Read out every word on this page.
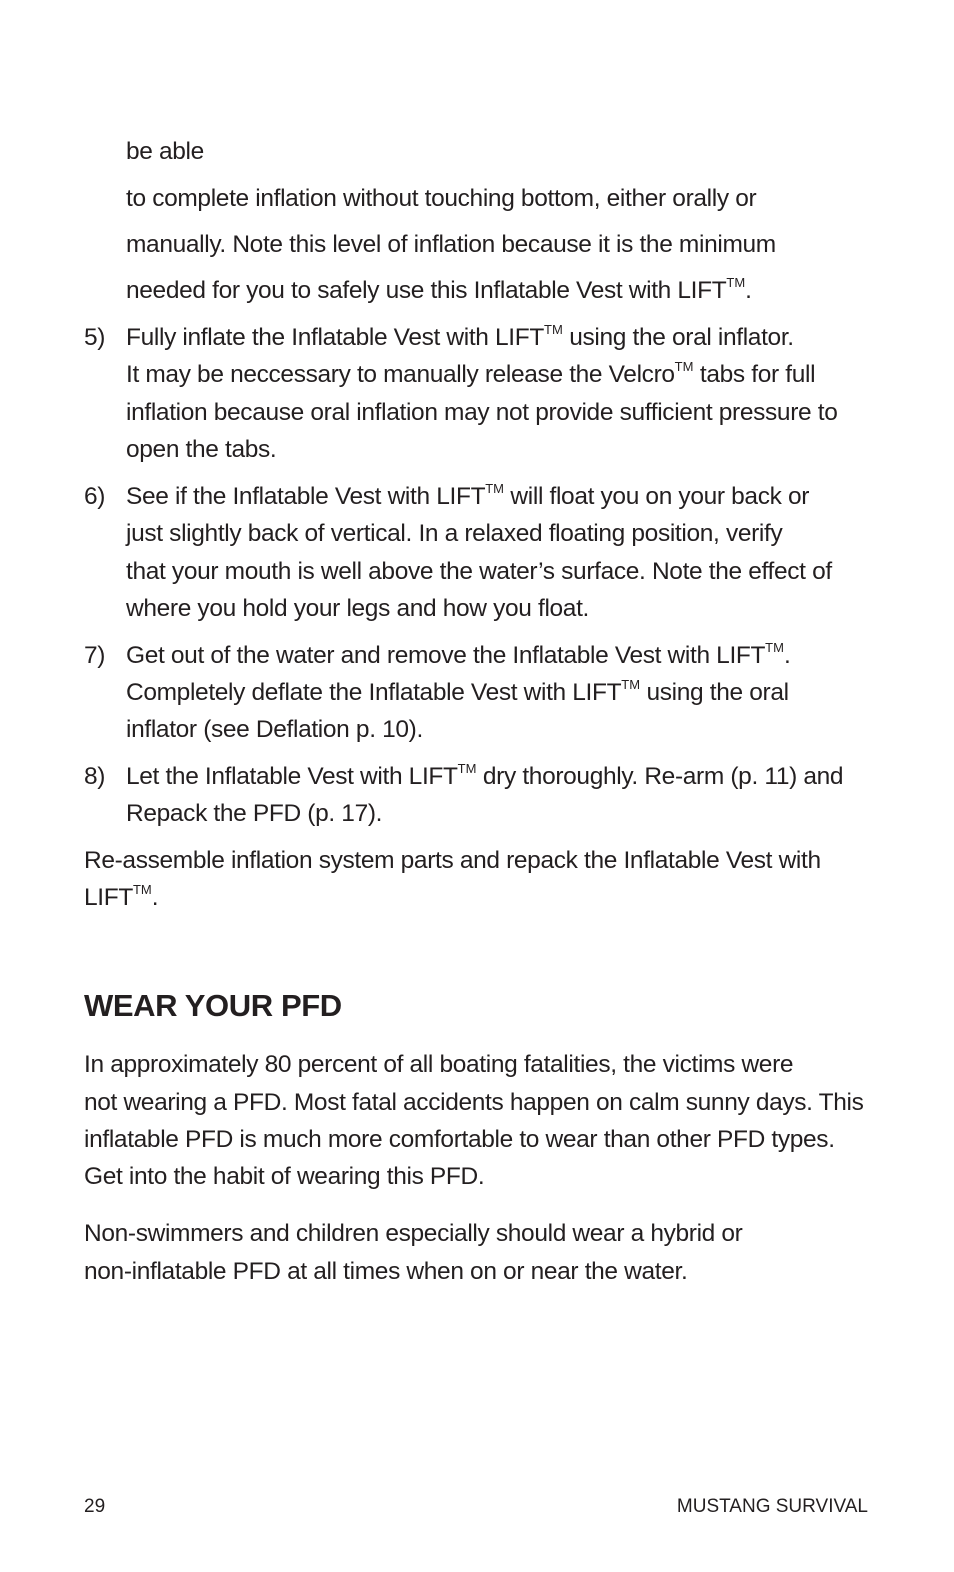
be able
to complete inflation without touching bottom, either orally or
manually. Note this level of inflation because it is the minimum
needed for you to safely use this Inflatable Vest with LIFT™.
5) Fully inflate the Inflatable Vest with LIFT™ using the oral inflator.
It may be neccessary to manually release the Velcro™ tabs for full
inflation because oral inflation may not provide sufficient pressure to
open the tabs.
6) See if the Inflatable Vest with LIFT™ will float you on your back or
just slightly back of vertical. In a relaxed floating position, verify
that your mouth is well above the water’s surface. Note the effect of
where you hold your legs and how you float.
7) Get out of the water and remove the Inflatable Vest with LIFT™.
Completely deflate the Inflatable Vest with LIFT™ using the oral
inflator (see Deflation p. 10).
8) Let the Inflatable Vest with LIFT™ dry thoroughly. Re-arm (p. 11) and
Repack the PFD (p. 17).
Re-assemble inflation system parts and repack the Inflatable Vest with
LIFT™.
WEAR YOUR PFD
In approximately 80 percent of all boating fatalities, the victims were
not wearing a PFD. Most fatal accidents happen on calm sunny days. This
inflatable PFD is much more comfortable to wear than other PFD types.
Get into the habit of wearing this PFD.
Non-swimmers and children especially should wear a hybrid or
non-inflatable PFD at all times when on or near the water.
29	MUSTANG SURVIVAL
